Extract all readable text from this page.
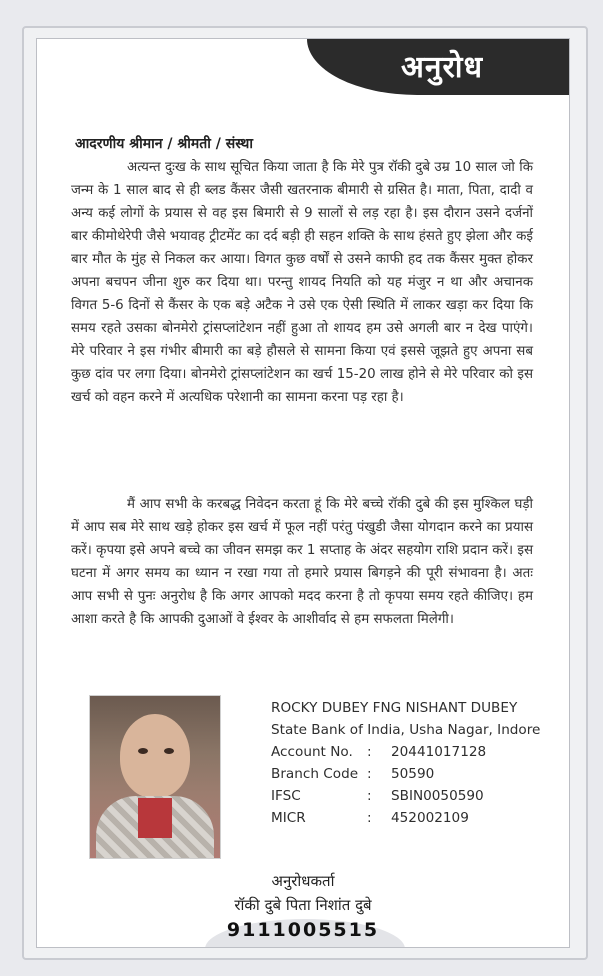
अनुरोध
आदरणीय श्रीमान / श्रीमती / संस्था

अत्यन्त दुःख के साथ सूचित किया जाता है कि मेरे पुत्र रॉकी दुबे उम्र 10 साल जो कि जन्म के 1 साल बाद से ही ब्लड कैंसर जैसी खतरनाक बीमारी से ग्रसित है। माता, पिता, दादी व अन्य कई लोगों के प्रयास से वह इस बिमारी से 9 सालों से लड़ रहा है। इस दौरान उसने दर्जनों बार कीमोथेरेपी जैसे भयावह ट्रीटमेंट का दर्द बड़ी ही सहन शक्ति के साथ हंसते हुए झेला और कई बार मौत के मुंह से निकल कर आया। विगत कुछ वर्षों से उसने काफी हद तक कैंसर मुक्त होकर अपना बचपन जीना शुरु कर दिया था। परन्तु शायद नियति को यह मंजुर न था और अचानक विगत 5-6 दिनों से कैंसर के एक बड़े अटैक ने उसे एक ऐसी स्थिति में लाकर खड़ा कर दिया कि समय रहते उसका बोनमेरो ट्रांसप्लांटेशन नहीं हुआ तो शायद हम उसे अगली बार न देख पाएंगे। मेरे परिवार ने इस गंभीर बीमारी का बड़े हौसले से सामना किया एवं इससे जूझते हुए अपना सब कुछ दांव पर लगा दिया। बोनमेरो ट्रांसप्लांटेशन का खर्च 15-20 लाख होने से मेरे परिवार को इस खर्च को वहन करने में अत्यधिक परेशानी का सामना करना पड़ रहा है।

मैं आप सभी के करबद्ध निवेदन करता हूं कि मेरे बच्चे रॉकी दुबे की इस मुश्किल घड़ी में आप सब मेरे साथ खड़े होकर इस खर्च में फूल नहीं परंतु पंखुडी जैसा योगदान करने का प्रयास करें। कृपया इसे अपने बच्चे का जीवन समझ कर 1 सप्ताह के अंदर सहयोग राशि प्रदान करें। इस घटना में अगर समय का ध्यान न रखा गया तो हमारे प्रयास बिगड़ने की पूरी संभावना है। अतः आप सभी से पुनः अनुरोध है कि अगर आपको मदद करना है तो कृपया समय रहते कीजिए। हम आशा करते है कि आपकी दुआओं वे ईश्वर के आशीर्वाद से हम सफलता मिलेगी।

ROCKY DUBEY FNG NISHANT DUBEY
State Bank of India, Usha Nagar, Indore
Account No.	:	20441017128
Branch Code :	50590
IFSC	:	SBIN0050590
MICR	:	452002109
अनुरोधकर्ता
रॉकी दुबे पिता निशांत दुबे
9111005515
